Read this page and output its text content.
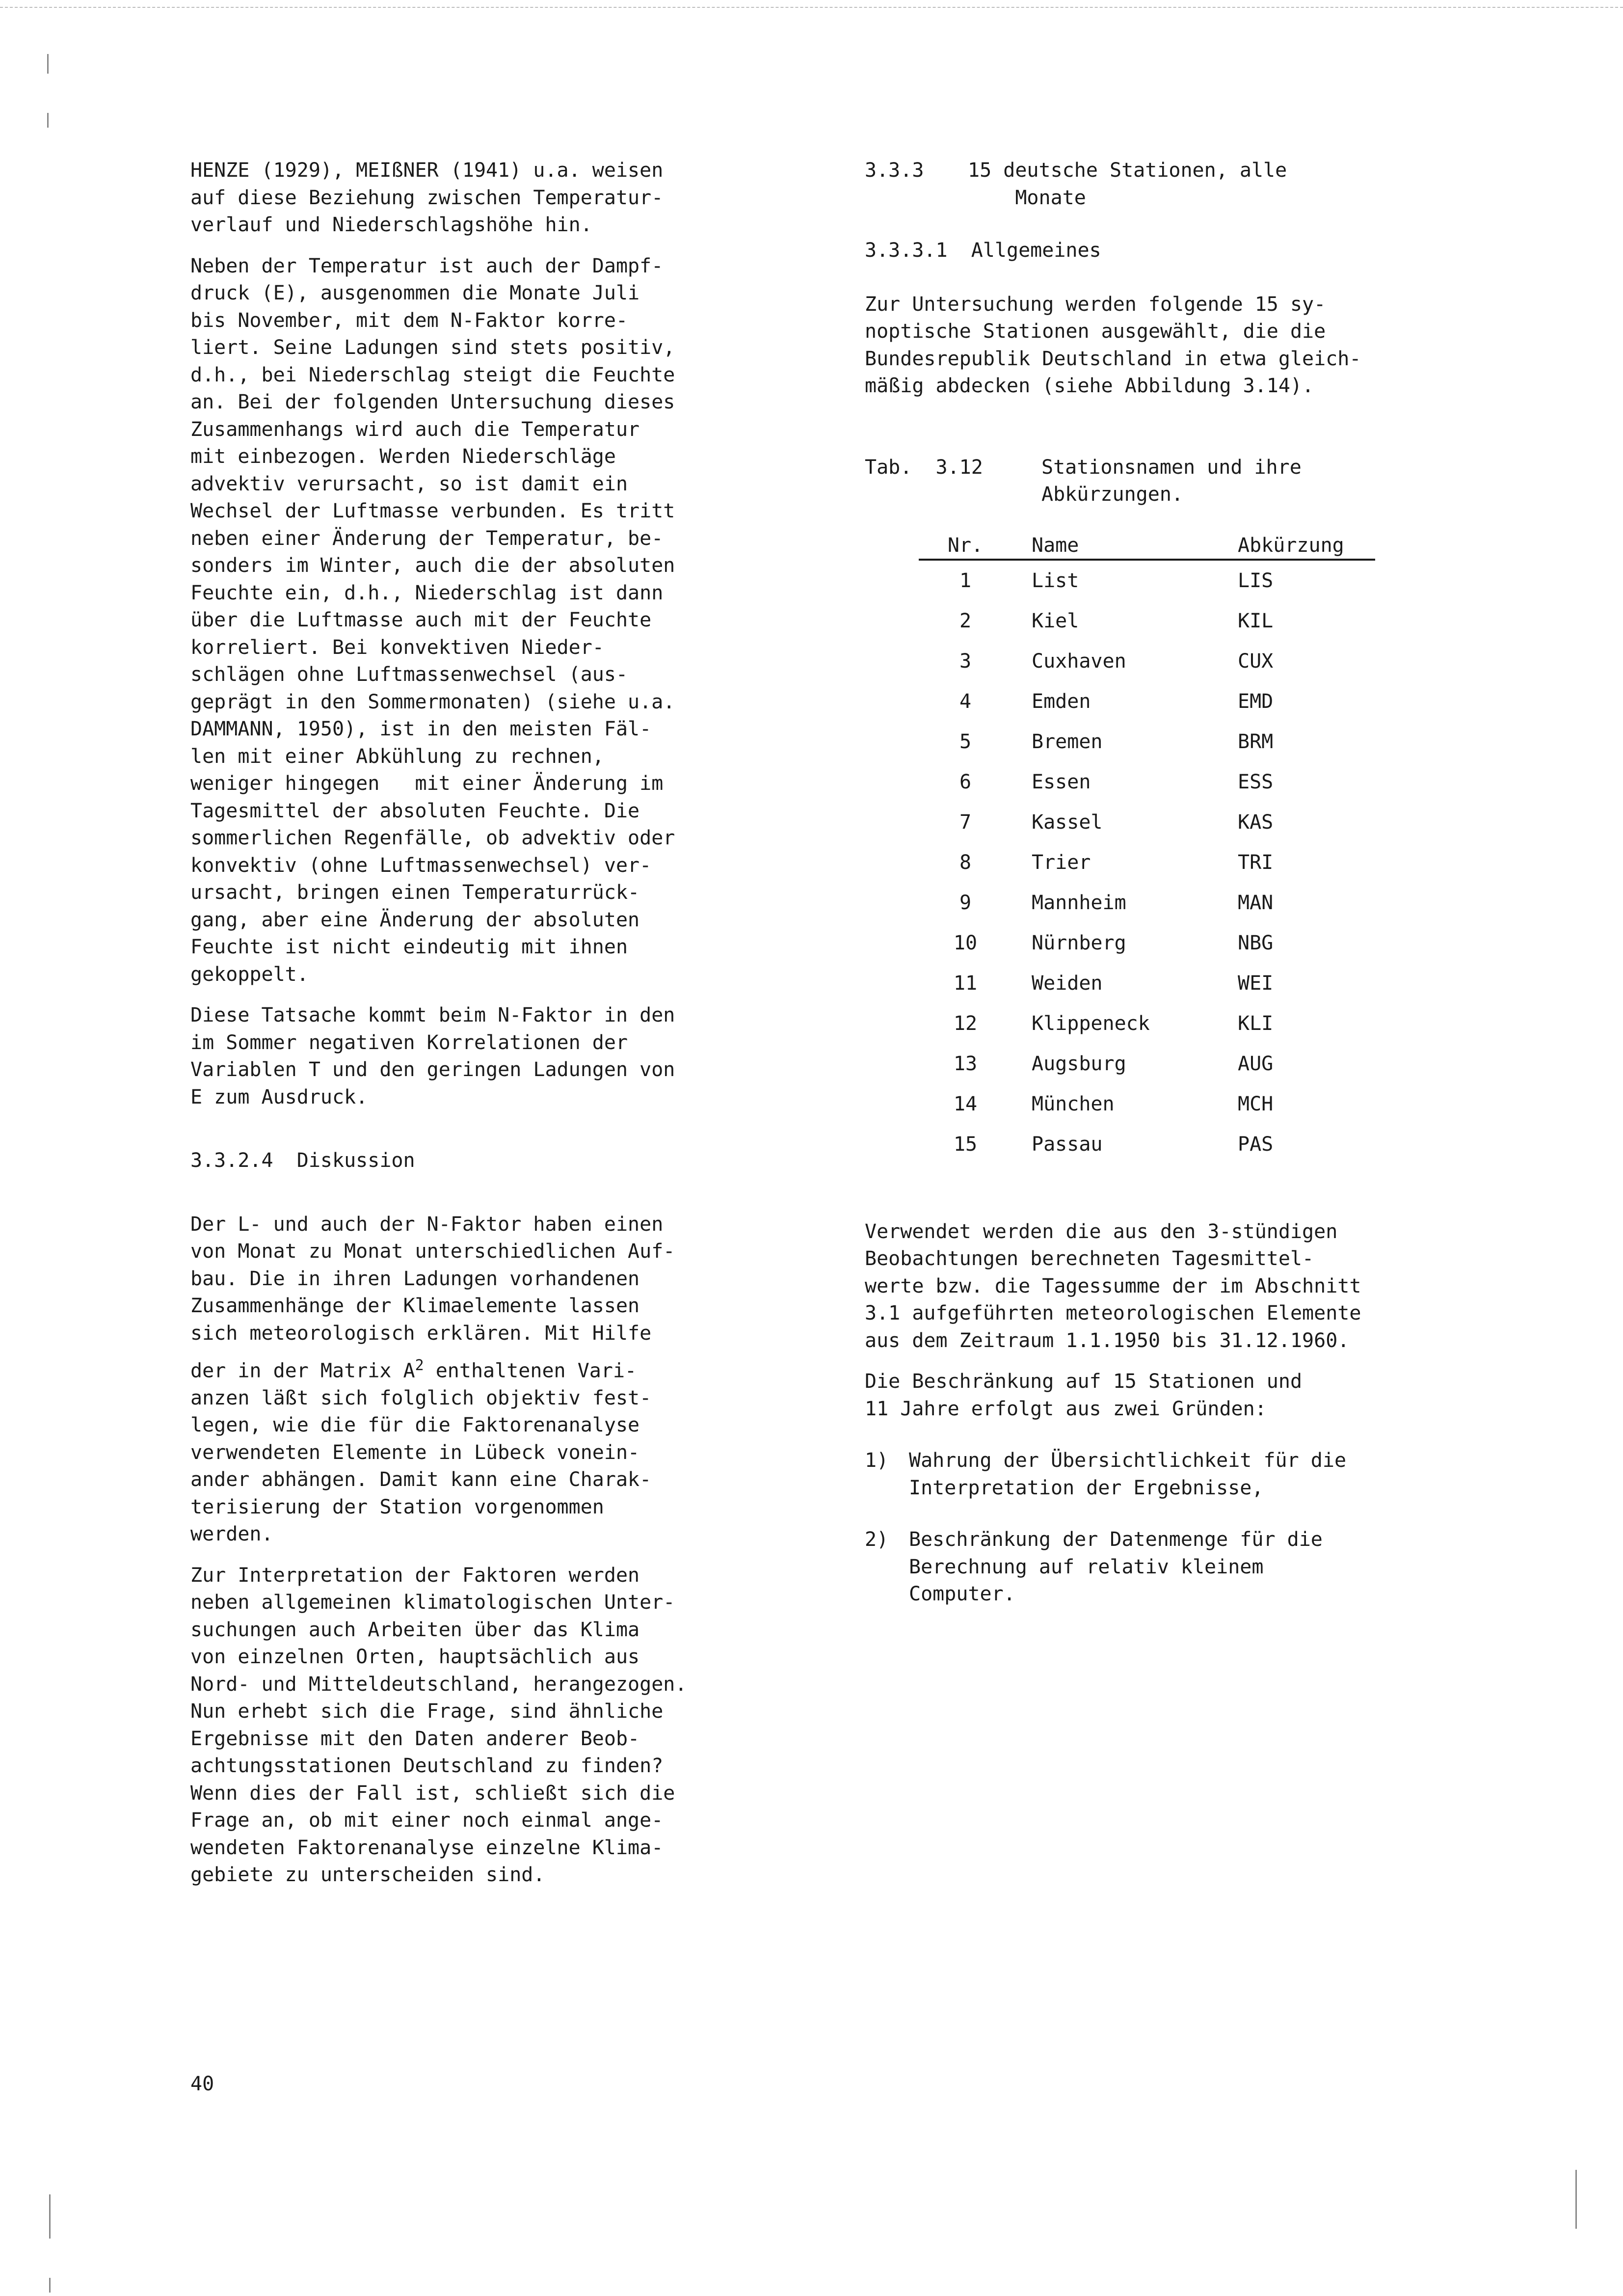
HENZE (1929), MEIßNER (1941) u.a. weisen
auf diese Beziehung zwischen Temperatur-
verlauf und Niederschlagshöhe hin.

Neben der Temperatur ist auch der Dampf-
druck (E), ausgenommen die Monate Juli
bis November, mit dem N-Faktor korre-
liert. Seine Ladungen sind stets positiv,
d.h., bei Niederschlag steigt die Feuchte
an. Bei der folgenden Untersuchung dieses
Zusammenhangs wird auch die Temperatur
mit einbezogen. Werden Niederschläge
advektiv verursacht, so ist damit ein
Wechsel der Luftmasse verbunden. Es tritt
neben einer Änderung der Temperatur, be-
sonders im Winter, auch die der absoluten
Feuchte ein, d.h., Niederschlag ist dann
über die Luftmasse auch mit der Feuchte
korreliert. Bei konvektiven Nieder-
schlägen ohne Luftmassenwechsel (aus-
geprägt in den Sommermonaten) (siehe u.a.
DAMMANN, 1950), ist in den meisten Fäl-
len mit einer Abkühlung zu rechnen,
weniger hingegen   mit einer Änderung im
Tagesmittel der absoluten Feuchte. Die
sommerlichen Regenfälle, ob advektiv oder
konvektiv (ohne Luftmassenwechsel) ver-
ursacht, bringen einen Temperaturrück-
gang, aber eine Änderung der absoluten
Feuchte ist nicht eindeutig mit ihnen
gekoppelt.

Diese Tatsache kommt beim N-Faktor in den
im Sommer negativen Korrelationen der
Variablen T und den geringen Ladungen von
E zum Ausdruck.

3.3.2.4  Diskussion

Der L- und auch der N-Faktor haben einen
von Monat zu Monat unterschiedlichen Auf-
bau. Die in ihren Ladungen vorhandenen
Zusammenhänge der Klimaelemente lassen
sich meteorologisch erklären. Mit Hilfe

der in der Matrix $A^2$ enthaltenen Vari-

anzen läßt sich folglich objektiv fest-
legen, wie die für die Faktorenanalyse
verwendeten Elemente in Lübeck vonein-
ander abhängen. Damit kann eine Charak-
terisierung der Station vorgenommen
werden.

Zur Interpretation der Faktoren werden
neben allgemeinen klimatologischen Unter-
suchungen auch Arbeiten über das Klima
von einzelnen Orten, hauptsächlich aus
Nord- und Mitteldeutschland, herangezogen.
Nun erhebt sich die Frage, sind ähnliche
Ergebnisse mit den Daten anderer Beob-
achtungsstationen Deutschland zu finden?
Wenn dies der Fall ist, schließt sich die
Frage an, ob mit einer noch einmal ange-
wendeten Faktorenanalyse einzelne Klima-
gebiete zu unterscheiden sind.

3.3.3	15 deutsche Stationen, alle
Monate

3.3.3.1  Allgemeines

Zur Untersuchung werden folgende 15 sy-
noptische Stationen ausgewählt, die die
Bundesrepublik Deutschland in etwa gleich-
mäßig abdecken (siehe Abbildung 3.14).

Tab.  3.12	Stationsnamen und ihre
Abkürzungen.
Nr.	Name	Abkürzung
1	List	LIS
2	Kiel	KIL
3	Cuxhaven	CUX
4	Emden	EMD
5	Bremen	BRM
6	Essen	ESS
7	Kassel	KAS
8	Trier	TRI
9	Mannheim	MAN
10	Nürnberg	NBG
11	Weiden	WEI
12	Klippeneck	KLI
13	Augsburg	AUG
14	München	MCH
15	Passau	PAS

Verwendet werden die aus den 3-stündigen
Beobachtungen berechneten Tagesmittel-
werte bzw. die Tagessumme der im Abschnitt
3.1 aufgeführten meteorologischen Elemente
aus dem Zeitraum 1.1.1950 bis 31.12.1960.

Die Beschränkung auf 15 Stationen und
11 Jahre erfolgt aus zwei Gründen:

1)	Wahrung der Übersichtlichkeit für die
Interpretation der Ergebnisse,
2)	Beschränkung der Datenmenge für die
Berechnung auf relativ kleinem
Computer.
40
